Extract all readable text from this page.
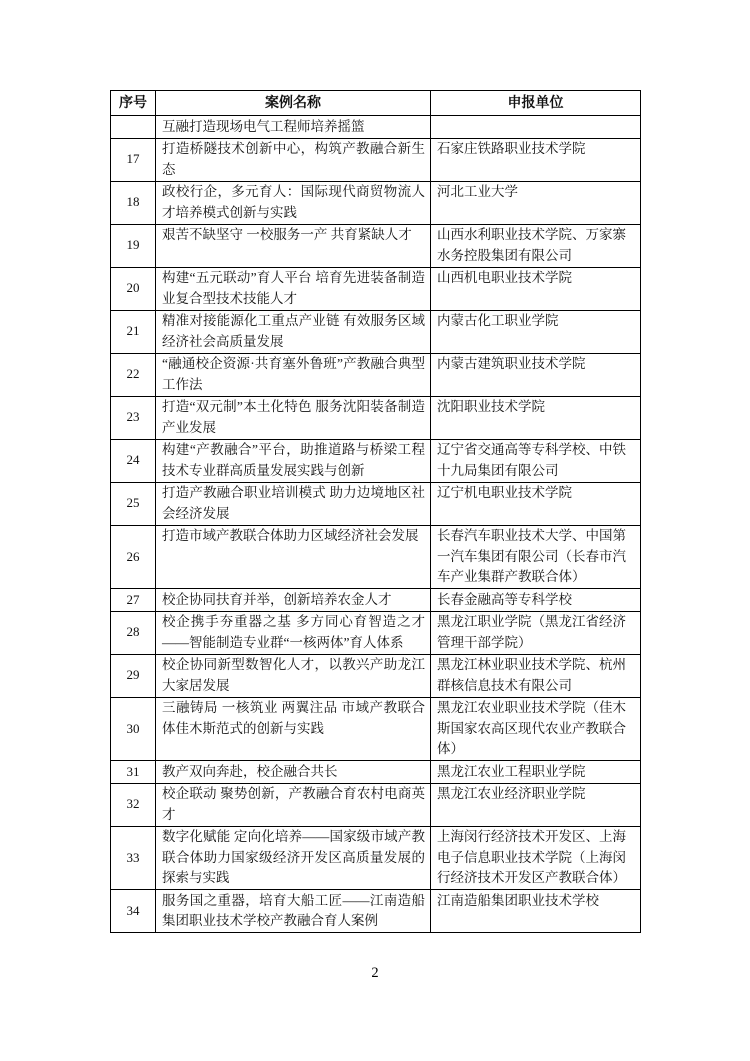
序号	案例名称	申报单位
	互融打造现场电气工程师培养摇篮	
17	打造桥隧技术创新中心，构筑产教融合新生态	石家庄铁路职业技术学院
18	政校行企，多元育人：国际现代商贸物流人才培养模式创新与实践	河北工业大学
19	艰苦不缺坚守 一校服务一产 共育紧缺人才	山西水利职业技术学院、万家寨水务控股集团有限公司
20	构建“五元联动”育人平台 培育先进装备制造业复合型技术技能人才	山西机电职业技术学院
21	精准对接能源化工重点产业链 有效服务区域经济社会高质量发展	内蒙古化工职业学院
22	“融通校企资源·共育塞外鲁班”产教融合典型工作法	内蒙古建筑职业技术学院
23	打造“双元制”本土化特色 服务沈阳装备制造产业发展	沈阳职业技术学院
24	构建“产教融合”平台，助推道路与桥梁工程技术专业群高质量发展实践与创新	辽宁省交通高等专科学校、中铁十九局集团有限公司
25	打造产教融合职业培训模式 助力边境地区社会经济发展	辽宁机电职业技术学院
26	打造市域产教联合体助力区域经济社会发展	长春汽车职业技术大学、中国第一汽车集团有限公司（长春市汽车产业集群产教联合体）
27	校企协同扶育并举，创新培养农金人才	长春金融高等专科学校
28	校企携手夯重器之基 多方同心育智造之才——智能制造专业群“一核两体”育人体系	黑龙江职业学院（黑龙江省经济管理干部学院）
29	校企协同新型数智化人才，以教兴产助龙江大家居发展	黑龙江林业职业技术学院、杭州群核信息技术有限公司
30	三融铸局 一核筑业 两翼注品 市域产教联合体佳木斯范式的创新与实践	黑龙江农业职业技术学院（佳木斯国家农高区现代农业产教联合体）
31	教产双向奔赴，校企融合共长	黑龙江农业工程职业学院
32	校企联动 聚势创新，产教融合育农村电商英才	黑龙江农业经济职业学院
33	数字化赋能 定向化培养——国家级市域产教联合体助力国家级经济开发区高质量发展的探索与实践	上海闵行经济技术开发区、上海电子信息职业技术学院（上海闵行经济技术开发区产教联合体）
34	服务国之重器，培育大船工匠——江南造船集团职业技术学校产教融合育人案例	江南造船集团职业技术学校
2
